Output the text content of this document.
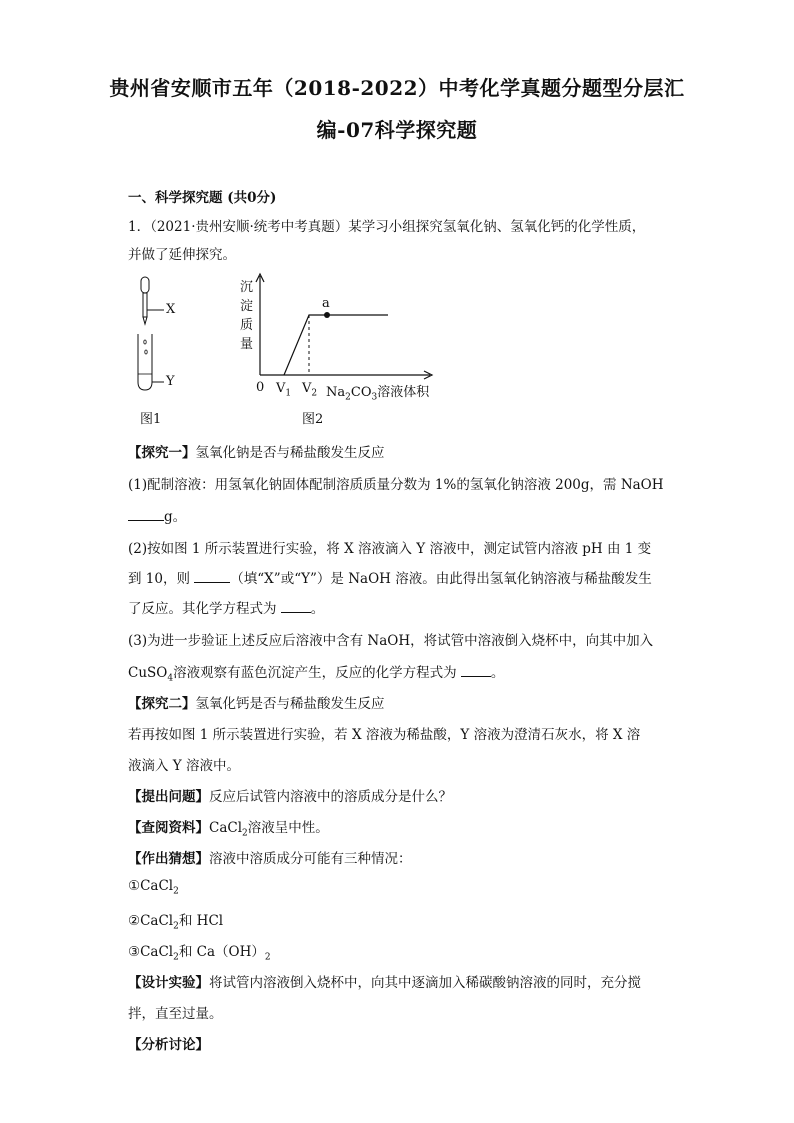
贵州省安顺市五年（2018-2022）中考化学真题分题型分层汇
编-07科学探究题
一、科学探究题 (共0分)
1．（2021·贵州安顺·统考中考真题）某学习小组探究氢氧化钠、氢氧化钙的化学性质，
并做了延伸探究。
X
Y
图1
沉
淀
质
量
a
0 $V_1$ $V_2$ $Na_2CO_3$溶液体积
图2
【探究一】氢氧化钠是否与稀盐酸发生反应
(1)配制溶液：用氢氧化钠固体配制溶质质量分数为 1%的氢氧化钠溶液 200g，需 NaOH
g。
(2)按如图 1 所示装置进行实验，将 X 溶液滴入 Y 溶液中，测定试管内溶液 pH 由 1 变
到 10，则	（填“X”或“Y”）是 NaOH 溶液。由此得出氢氧化钠溶液与稀盐酸发生
了反应。其化学方程式为	。
(3)为进一步验证上述反应后溶液中含有 NaOH，将试管中溶液倒入烧杯中，向其中加入
CuSO$_4$溶液观察有蓝色沉淀产生，反应的化学方程式为	。
【探究二】氢氧化钙是否与稀盐酸发生反应
若再按如图 1 所示装置进行实验，若 X 溶液为稀盐酸，Y 溶液为澄清石灰水，将 X 溶
液滴入 Y 溶液中。
【提出问题】反应后试管内溶液中的溶质成分是什么？
【查阅资料】CaCl$_2$溶液呈中性。
【作出猜想】溶液中溶质成分可能有三种情况：
①CaCl$_2$
②CaCl$_2$和 HCl
③CaCl$_2$和 $Ca(OH)_2$
【设计实验】将试管内溶液倒入烧杯中，向其中逐滴加入稀碳酸钠溶液的同时，充分搅
拌，直至过量。
【分析讨论】
